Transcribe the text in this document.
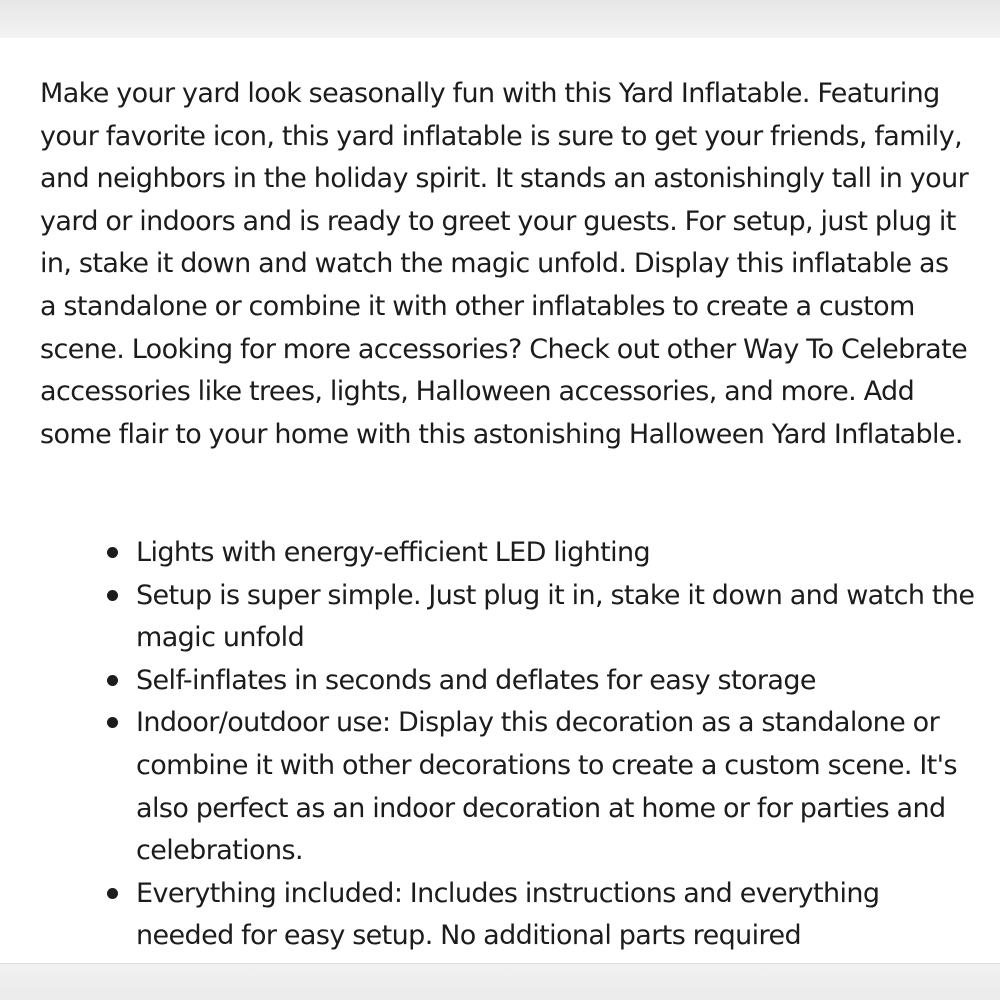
Make your yard look seasonally fun with this Yard Inflatable. Featuring your favorite icon, this yard inflatable is sure to get your friends, family, and neighbors in the holiday spirit. It stands an astonishingly tall in your yard or indoors and is ready to greet your guests. For setup, just plug it in, stake it down and watch the magic unfold. Display this inflatable as a standalone or combine it with other inflatables to create a custom scene. Looking for more accessories? Check out other Way To Celebrate accessories like trees, lights, Halloween accessories, and more. Add some flair to your home with this astonishing Halloween Yard Inflatable.

Lights with energy-efficient LED lighting
Setup is super simple. Just plug it in, stake it down and watch the magic unfold
Self-inflates in seconds and deflates for easy storage
Indoor/outdoor use: Display this decoration as a standalone or combine it with other decorations to create a custom scene. It's also perfect as an indoor decoration at home or for parties and celebrations.
Everything included: Includes instructions and everything needed for easy setup. No additional parts required
